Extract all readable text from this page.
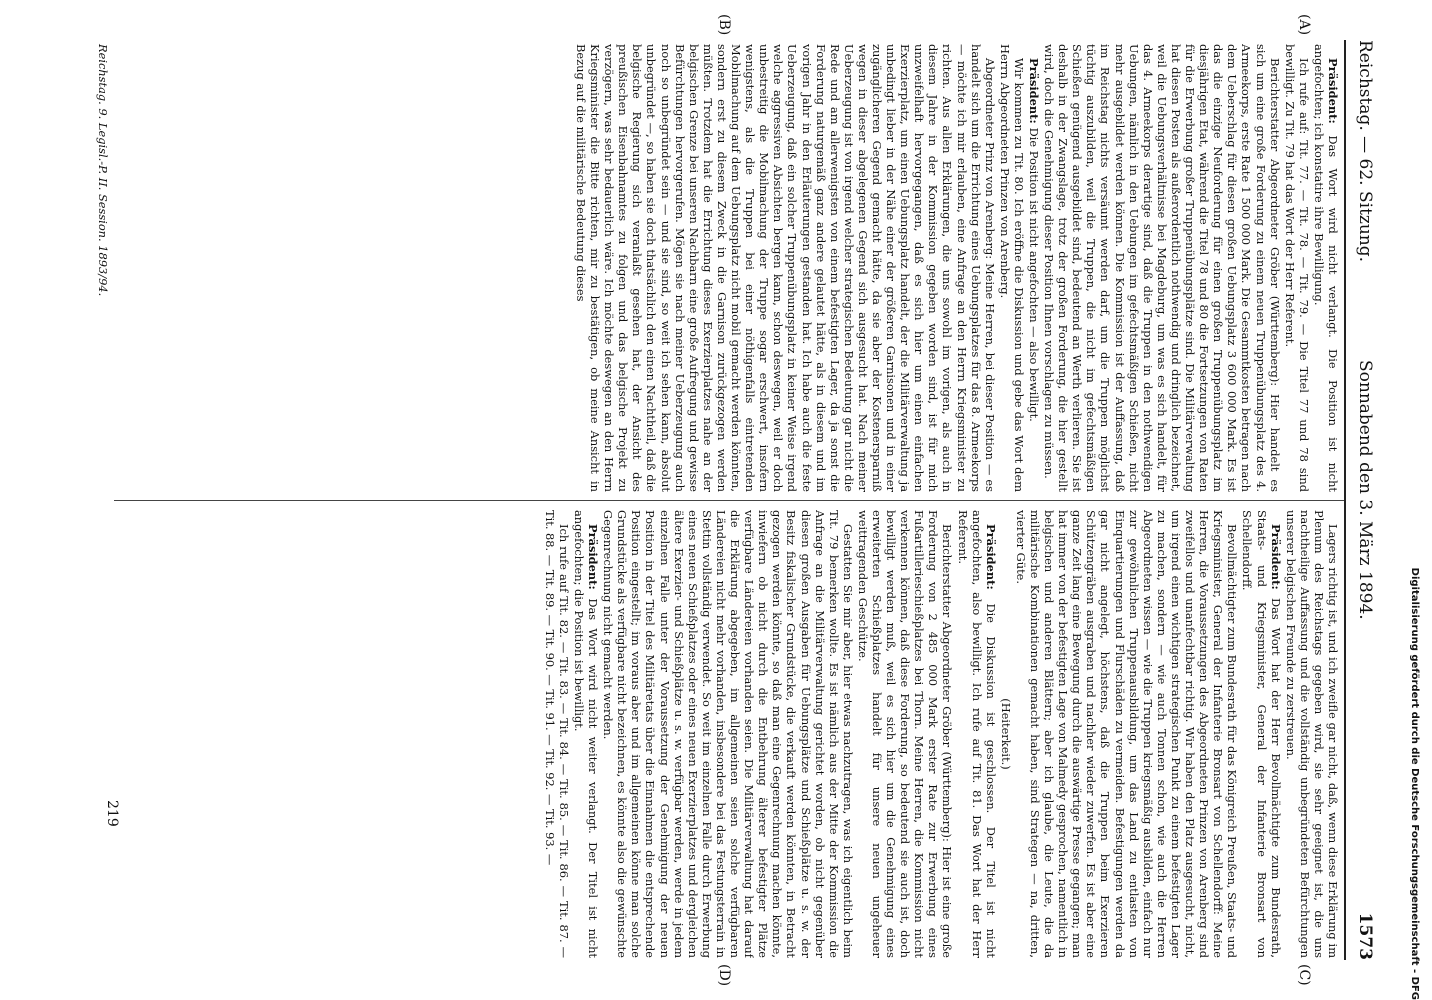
Reichstag. — 62. Sitzung.
Sonnabend den 3. März 1894.
1573
(A)
(B)
(C)
(D)

Präsident: Das Wort wird nicht verlangt. Die Position ist nicht angefochten; ich konstatire ihre Bewilligung.

Ich rufe auf: Tit. 77. — Tit. 78. — Tit. 79. — Die Titel 77 und 78 sind bewilligt. Zu Tit. 79 hat das Wort der Herr Referent.

Berichterstatter Abgeordneter Gröber (Württemberg): Hier handelt es sich um eine große Forderung zu einem neuen Truppenübungsplatz des 4. Armeekorps, erste Rate 1 500 000 Mark. Die Gesammtkosten betragen nach dem Ueberschlag für diesen großen Uebungsplatz 3 600 000 Mark. Es ist das die einzige Neuforderung für einen großen Truppenübungsplatz im diesjährigen Etat, während die Titel 78 und 80 die Fortsetzungen von Raten für die Erwerbung großer Truppenübungsplätze sind. Die Militärverwaltung hat diesen Posten als außerordentlich nothwendig und dringlich bezeichnet, weil die Uebungsverhältnisse bei Magdeburg, um was es sich handelt, für das 4. Armeekorps derartige sind, daß die Truppen in den nothwendigen Uebungen, nämlich in den Uebungen im gefechtsmäßigen Schießen, nicht mehr ausgebildet werden können. Die Kommission ist der Auffassung, daß im Reichstag nichts versäumt werden darf, um die Truppen möglichst tüchtig auszubilden, weil die Truppen, die nicht im gefechtsmäßigen Schießen genügend ausgebildet sind, bedeutend an Werth verlieren. Sie ist deshalb in der Zwangslage, trotz der großen Forderung, die hier gestellt wird, doch die Genehmigung dieser Position Ihnen vorschlagen zu müssen.

Präsident: Die Position ist nicht angefochten — also bewilligt.

Wir kommen zu Tit. 80. Ich eröffne die Diskussion und gebe das Wort dem Herrn Abgeordneten Prinzen von Arenberg.

Abgeordneter Prinz von Arenberg: Meine Herren, bei dieser Position — es handelt sich um die Errichtung eines Uebungsplatzes für das 8. Armeekorps — möchte ich mir erlauben, eine Anfrage an den Herrn Kriegsminister zu richten. Aus allen Erklärungen, die uns sowohl im vorigen, als auch in diesem Jahre in der Kommission gegeben worden sind, ist für mich unzweifelhaft hervorgegangen, daß es sich hier um einen einfachen Exerzierplatz, um einen Uebungsplatz handelt, der die Militärverwaltung ja unbedingt lieber in der Nähe einer der größeren Garnisonen und in einer zugänglicheren Gegend gemacht hätte, da sie aber der Kostenersparniß wegen in dieser abgelegenen Gegend sich ausgesucht hat. Nach meiner Ueberzeugung ist von irgend welcher strategischen Bedeutung gar nicht die Rede und am allerwenigsten von einem befestigten Lager, da ja sonst die Forderung naturgemäß ganz andere gelautet hätte, als in diesem und im vorigen Jahr in den Erläuterungen gestanden hat. Ich habe auch die feste Ueberzeugung, daß ein solcher Truppenübungsplatz in keiner Weise irgend welche aggressiven Absichten bergen kann, schon deswegen, weil er doch unbestreitig die Mobilmachung der Truppe sogar erschwert, insofern wenigstens, als die Truppen bei einer nöthigenfalls eintretenden Mobilmachung auf dem Uebungsplatz nicht mobil gemacht werden könnten, sondern erst zu diesem Zweck in die Garnison zurückgezogen werden müßten. Trotzdem hat die Errichtung dieses Exerzierplatzes nahe an der belgischen Grenze bei unseren Nachbarn eine große Aufregung und gewisse Befürchtungen hervorgerufen. Mögen sie nach meiner Ueberzeugung auch noch so unbegründet sein — und sie sind, so weit ich sehen kann, absolut unbegründet —, so haben sie doch thatsächlich den einen Nachtheil, daß die belgische Regierung sich veranlaßt gesehen hat, der Ansicht des preußischen Eisenbahnamtes zu folgen und das belgische Projekt zu verzögern, was sehr bedauerlich wäre. Ich möchte deswegen an den Herrn Kriegsminister die Bitte richten, mir zu bestätigen, ob meine Ansicht in Bezug auf die militärische Bedeutung dieses

Lagers richtig ist, und ich zweifle gar nicht, daß, wenn diese Erklärung im Plenum des Reichstags gegeben wird, sie sehr geeignet ist, die uns nachtheilige Auffassung und die vollständig unbegründeten Befürchtungen unserer belgischen Freunde zu zerstreuen.

Präsident: Das Wort hat der Herr Bevollmächtigte zum Bundesrath, Staats- und Kriegsminister, General der Infanterie Bronsart von Schellendorff.

Bevollmächtigter zum Bundesrath für das Königreich Preußen, Staats- und Kriegsminister, General der Infanterie Bronsart von Schellendorff: Meine Herren, die Voraussetzungen des Abgeordneten Prinzen von Arenberg sind zweifellos und unanfechtbar richtig. Wir haben den Platz ausgesucht, nicht, um irgend einen wichtigen strategischen Punkt zu einem befestigten Lager zu machen, sondern — wie auch Tonnen schon, wie auch die Herren Abgeordneten wissen — wie die Truppen kriegsmäßig ausbilden, einfach nur zur gewöhnlichen Truppenausbildung, um das Land zu entlasten von Einquartierungen und Flurschäden zu vermeiden. Befestigungen werden da gar nicht angelegt, höchstens, daß die Truppen beim Exerzieren Schützengräben ausgraben und nachher wieder zuwerfen. Es ist aber eine ganze Zeit lang eine Bewegung durch die auswärtige Presse gegangen; man hat immer von der befestigten Lage von Malmedy gesprochen, namentlich in belgischen und anderen Blättern; aber ich glaube, die Leute, die da militärische Kombinationen gemacht haben, sind Strategen — na, dritten, vierter Güte.

(Heiterkeit.)

Präsident: Die Diskussion ist geschlossen. Der Titel ist nicht angefochten, also bewilligt. Ich rufe auf Tit. 81. Das Wort hat der Herr Referent.

Berichterstatter Abgeordneter Gröber (Württemberg): Hier ist eine große Forderung von 2 485 000 Mark erster Rate zur Erwerbung eines Fußartillerieschießplatzes bei Thorn. Meine Herren, die Kommission nicht verkennen können, daß diese Forderung, so bedeutend sie auch ist, doch bewilligt werden muß, weil es sich hier um die Genehmigung eines erweiterten Schießplatzes handelt für unsere neuen ungeheuer weittragenden Geschütze.

Gestatten Sie mir aber, hier etwas nachzutragen, was ich eigentlich beim Tit. 79 bemerken wollte. Es ist nämlich aus der Mitte der Kommission die Anfrage an die Militärverwaltung gerichtet worden, ob nicht gegenüber diesen großen Ausgaben für Uebungsplätze und Schießplätze u. s. w. der Besitz fiskalischer Grundstücke, die verkauft werden könnten, in Betracht gezogen werden könnte, so daß man eine Gegenrechnung machen könnte, inwiefern ob nicht durch die Entbehrung älterer befestigter Plätze verfügbare Ländereien vorhanden seien. Die Militärverwaltung hat darauf die Erklärung abgegeben, im allgemeinen seien solche verfügbaren Ländereien nicht mehr vorhanden, insbesondere bei das Festungsterrain in Stettin vollständig verwendet. So weit im einzelnen Falle durch Erwerbung eines neuen Schießplatzes oder eines neuen Exerzierplatzes und dergleichen ältere Exerzier- und Schießplätze u. s. w. verfügbar werden, werde in jedem einzelnen Falle unter der Voraussetzung der Genehmigung der neuen Position in der Titel des Militäretats über die Einnahmen die entsprechende Position eingestellt; im voraus aber und im allgemeinen könne man solche Grundstücke als verfügbare nicht bezeichnen, es könnte also die gewünschte Gegenrechnung nicht gemacht werden.

Präsident: Das Wort wird nicht weiter verlangt. Der Titel ist nicht angefochten; die Position ist bewilligt.

Ich rufe auf Tit. 82. — Tit. 83. — Tit. 84. — Tit. 85. — Tit. 86. — Tit. 87. — Tit. 88. — Tit. 89. — Tit. 90. — Tit. 91. — Tit. 92. — Tit. 93. —

Reichstag. 9. Legisl.-P. II. Session. 1893/94.
219	Digitalisierung gefördert durch die Deutsche Forschungsgemeinschaft - DFG
